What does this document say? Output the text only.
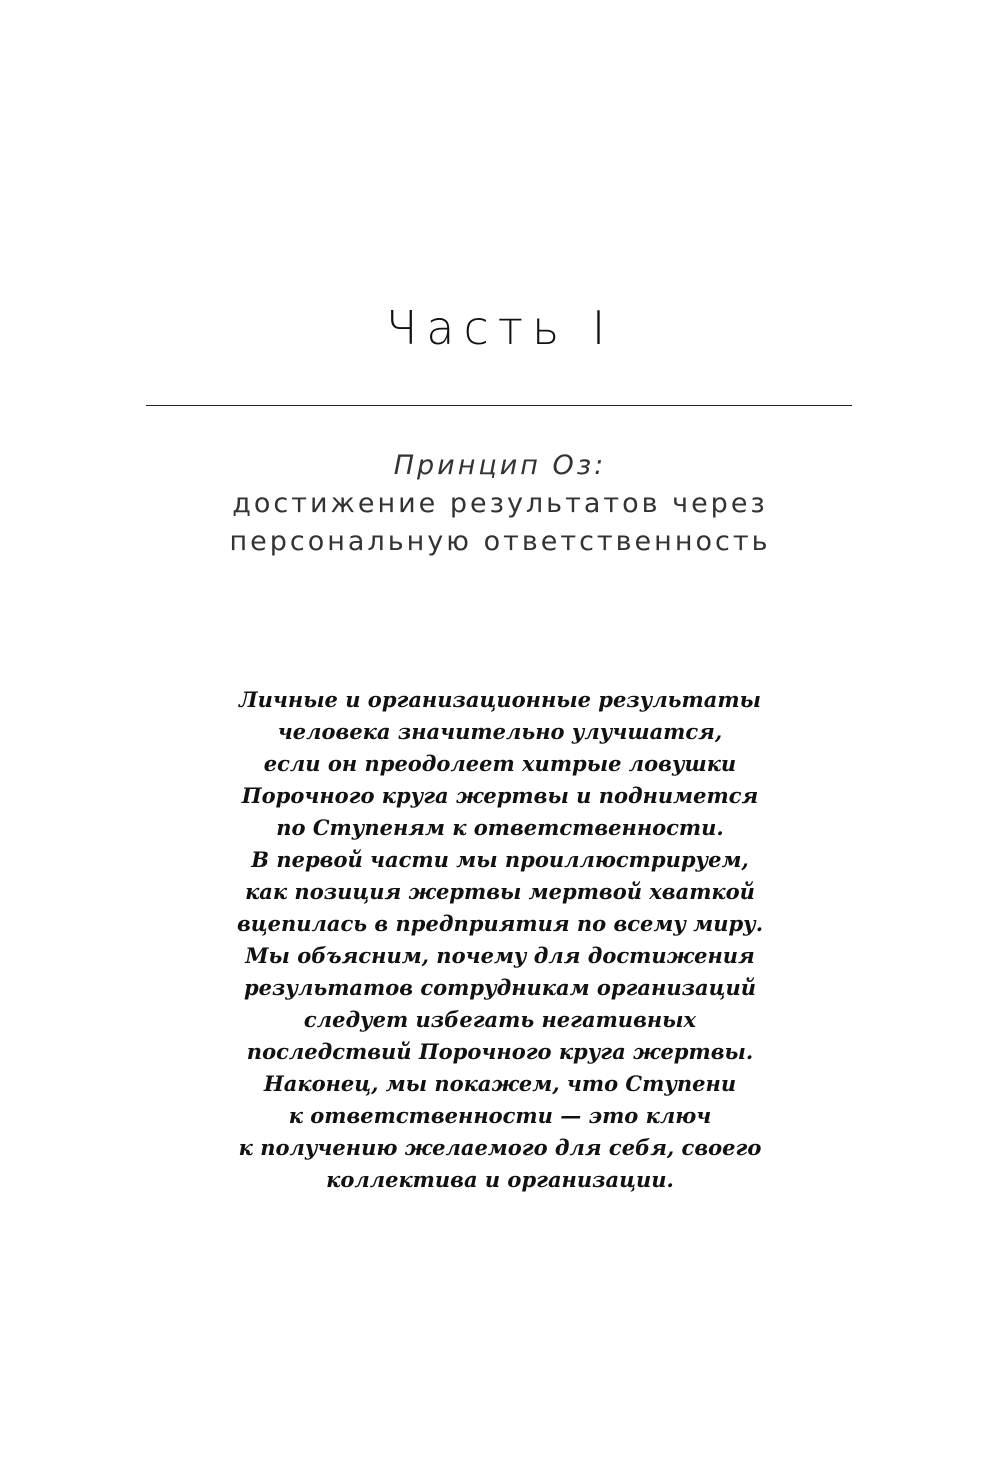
Часть I
Принцип Оз:
достижение результатов через
персональную ответственность
Личные и организационные результаты
человека значительно улучшатся,
если он преодолеет хитрые ловушки
Порочного круга жертвы и поднимется
по Ступеням к ответственности.
В первой части мы проиллюстрируем,
как позиция жертвы мертвой хваткой
вцепилась в предприятия по всему миру.
Мы объясним, почему для достижения
результатов сотрудникам организаций
следует избегать негативных
последствий Порочного круга жертвы.
Наконец, мы покажем, что Ступени
к ответственности — это ключ
к получению желаемого для себя, своего
коллектива и организации.
